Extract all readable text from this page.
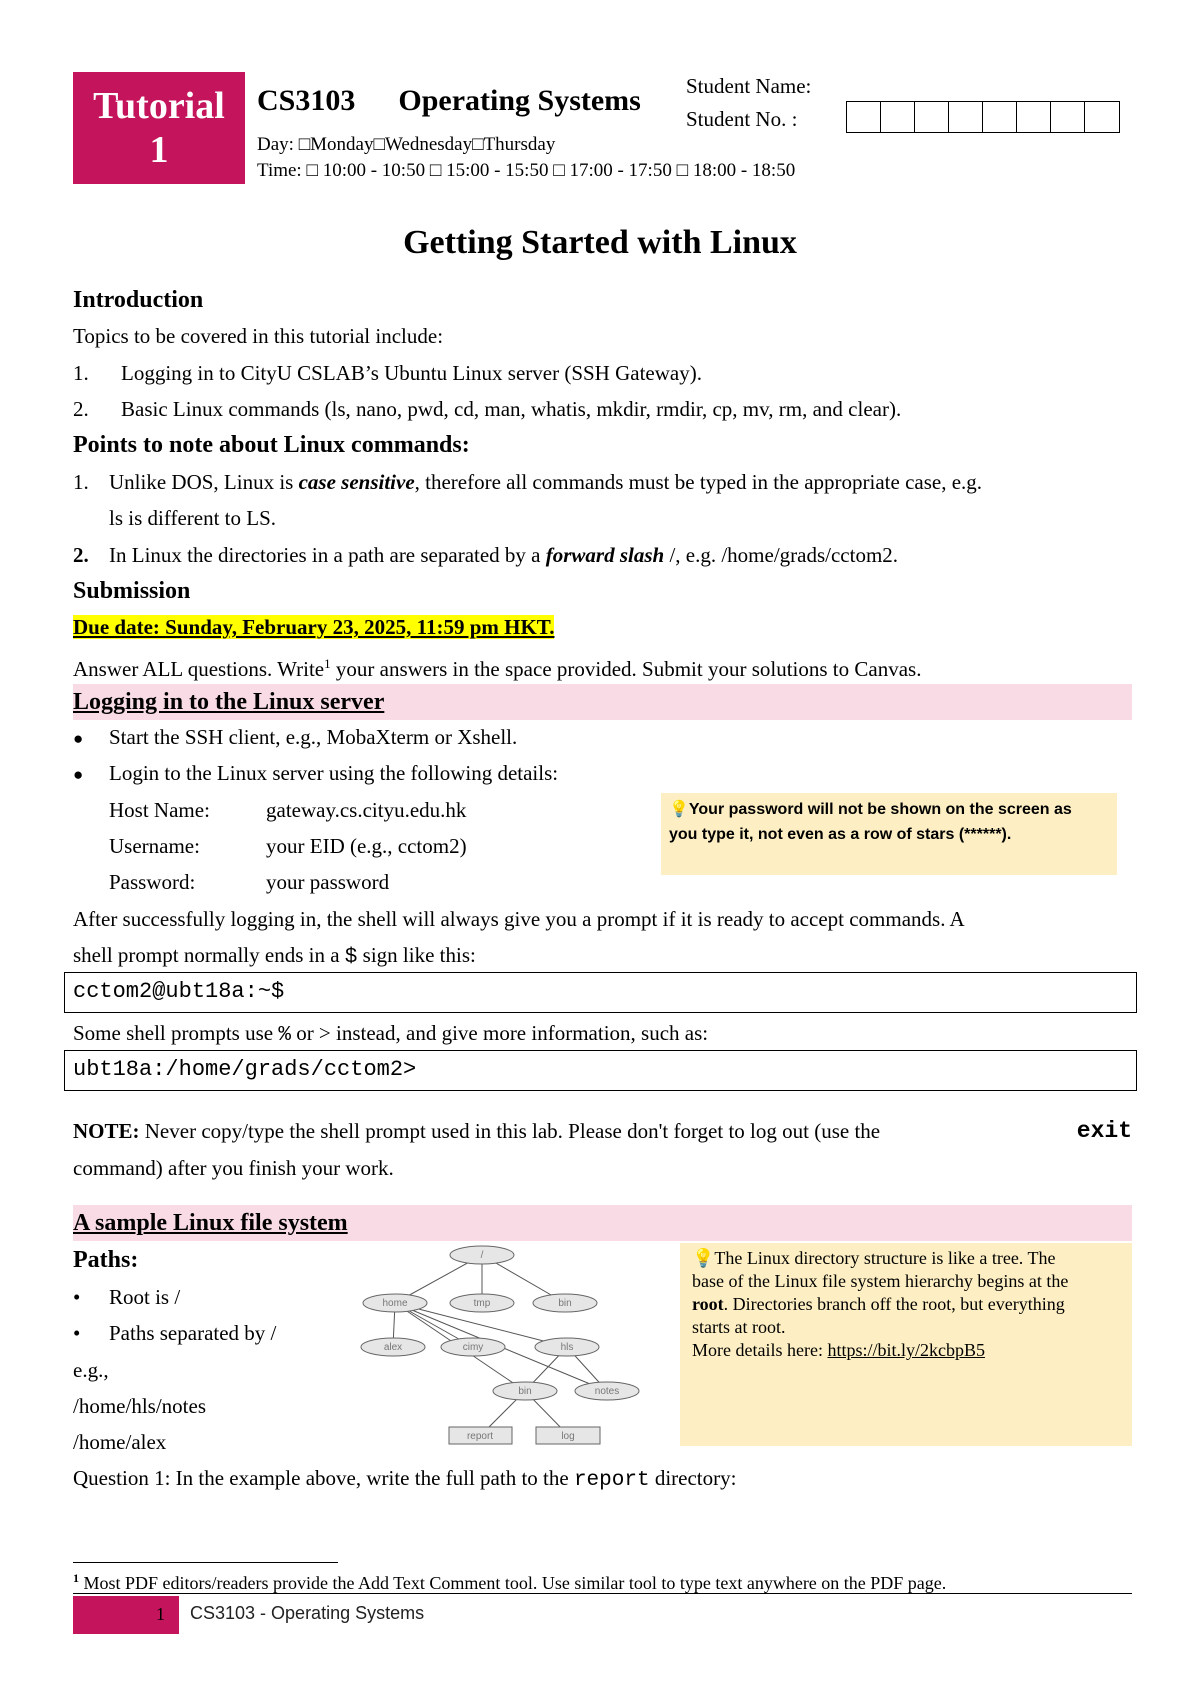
Tutorial
1
CS3103 Operating Systems Student Name:
Student No. :
Day: □Monday□Wednesday□Thursday
Time: □ 10:00 - 10:50 □ 15:00 - 15:50 □ 17:00 - 17:50 □ 18:00 - 18:50
Getting Started with Linux
Introduction
Topics to be covered in this tutorial include:
1. Logging in to CityU CSLAB’s Ubuntu Linux server (SSH Gateway).
2. Basic Linux commands (ls, nano, pwd, cd, man, whatis, mkdir, rmdir, cp, mv, rm, and clear).
Points to note about Linux commands:
1. Unlike DOS, Linux is case sensitive, therefore all commands must be typed in the appropriate case, e.g.
ls is different to LS.
2. In Linux the directories in a path are separated by a forward slash /, e.g. /home/grads/cctom2.
Submission
Due date: Sunday, February 23, 2025, 11:59 pm HKT.
Answer ALL questions. Write$^1$ your answers in the space provided. Submit your solutions to Canvas.
Logging in to the Linux server
● Start the SSH client, e.g., MobaXterm or Xshell.
● Login to the Linux server using the following details:
Host Name:	gateway.cs.cityu.edu.hk
Username:	your EID (e.g., cctom2)
Password:	your password
💡Your password will not be shown on the screen as
you type it, not even as a row of stars (******).
After successfully logging in, the shell will always give you a prompt if it is ready to accept commands. A
shell prompt normally ends in a $ sign like this:
cctom2@ubt18a:~$
Some shell prompts use % or > instead, and give more information, such as:
ubt18a:/home/grads/cctom2>
NOTE: Never copy/type the shell prompt used in this lab. Please don't forget to log out (use the	exit
command) after you finish your work.
A sample Linux file system
Paths:
• Root is /
• Paths separated by /
e.g.,
/home/hls/notes
/home/alex
/
home	tmp	bin
alex	cimy	hls
bin	notes
report	log
💡The Linux directory structure is like a tree. The
base of the Linux file system hierarchy begins at the
root. Directories branch off the root, but everything
starts at root.
More details here: https://bit.ly/2kcbpB5
Question 1: In the example above, write the full path to the report directory:
$^1$ Most PDF editors/readers provide the Add Text Comment tool. Use similar tool to type text anywhere on the PDF page.
1 CS3103 - Operating Systems
